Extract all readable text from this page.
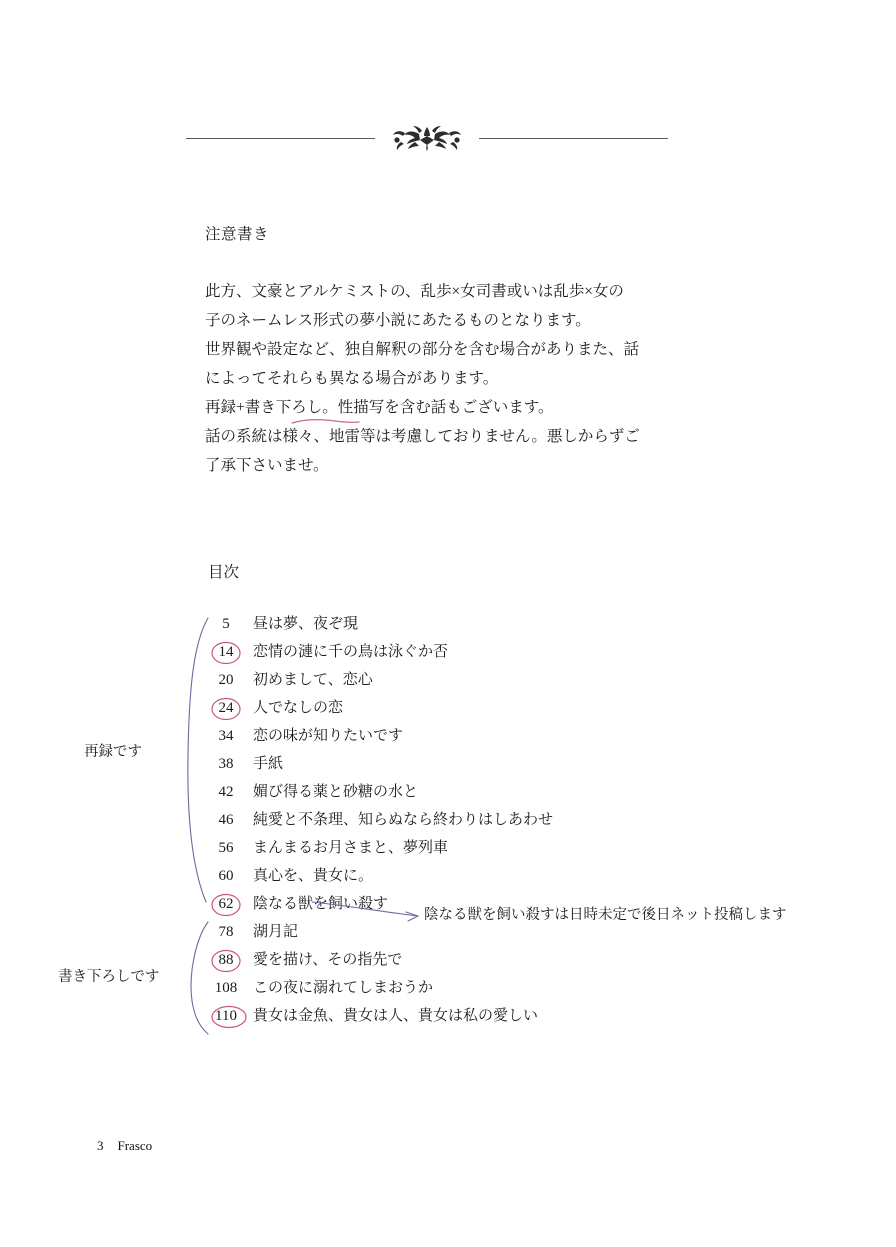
注意書き

此方、文豪とアルケミストの、乱歩×女司書或いは乱歩×女の

子のネームレス形式の夢小説にあたるものとなります。

世界観や設定など、独自解釈の部分を含む場合がありまた、話

によってそれらも異なる場合があります。

再録+書き下ろし。性描写を含む話もございます。

話の系統は様々、地雷等は考慮しておりません。悪しからずご

了承下さいませ。

目次
5	昼は夢、夜ぞ現
14	恋情の漣に千の鳥は泳ぐか否
20	初めまして、恋心
24	人でなしの恋
34	恋の味が知りたいです
38	手紙
42	媚び得る薬と砂糖の水と
46	純愛と不条理、知らぬなら終わりはしあわせ
56	まんまるお月さまと、夢列車
60	真心を、貴女に。
62	陰なる獣を飼い殺す
78	湖月記
88	愛を描け、その指先で
108	この夜に溺れてしまおうか
110	貴女は金魚、貴女は人、貴女は私の愛しい
再録です
書き下ろしです
陰なる獣を飼い殺すは日時未定で後日ネット投稿します
3 Frasco
